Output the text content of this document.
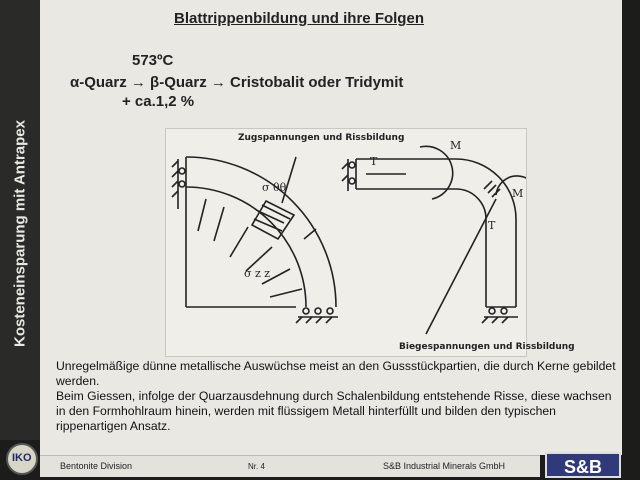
Kosteneinsparung mit Antrapex
Blattrippenbildung und ihre Folgen
573ºC
α-Quarz → β-Quarz → Cristobalit oder Tridymit
+ ca.1,2 %
Zugspannungen und Rissbildung
Biegespannungen und Rissbildung
σ θθ
σ z z
M
M
T
T

Unregelmäßige dünne metallische Auswüchse meist an den Gussstückpartien, die durch Kerne gebildet werden.

Beim Giessen, infolge der Quarzausdehnung durch Schalenbildung entstehende Risse, diese wachsen in den Formhohlraum hinein, werden mit flüssigem Metall hinterfüllt und bilden den typischen rippenartigen Ansatz.

Bentonite Division	Nr. 4	S&B Industrial Minerals GmbH
IKO	S&B
